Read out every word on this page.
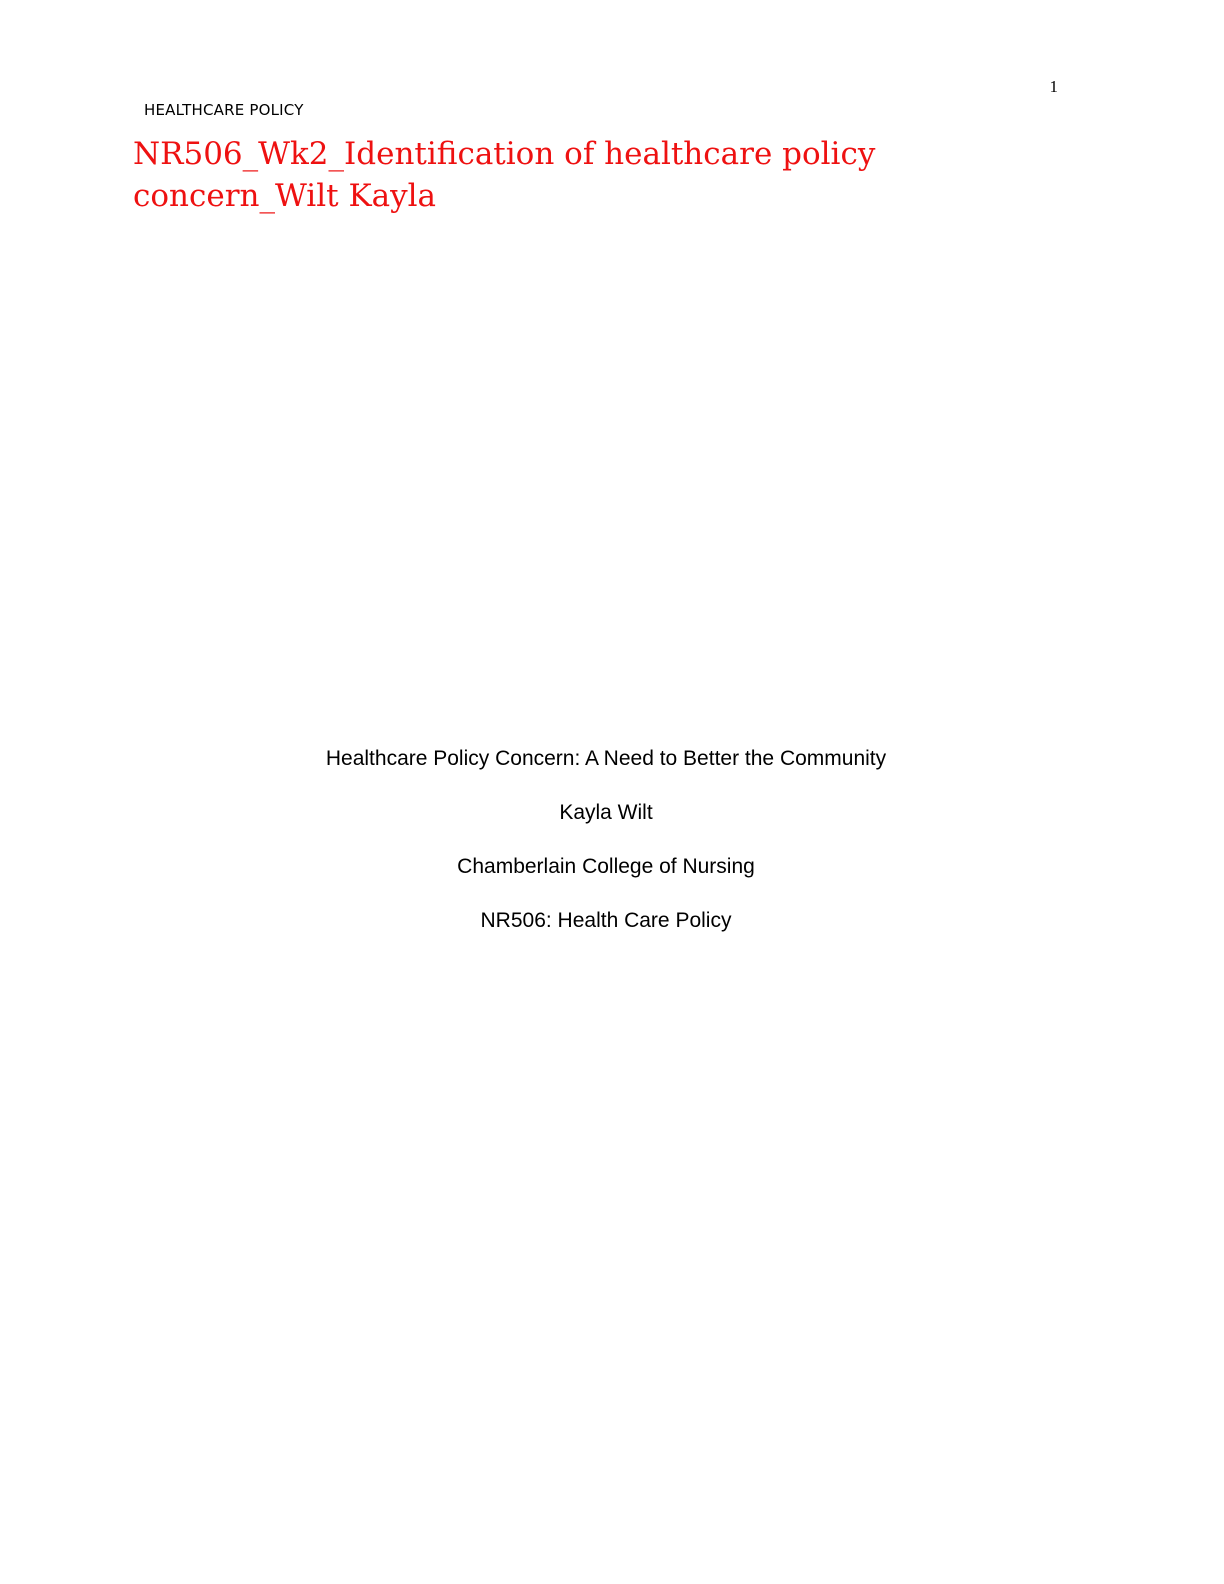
HEALTHCARE POLICY
1
NR506_Wk2_Identification of healthcare policy concern_Wilt Kayla
Healthcare Policy Concern: A Need to Better the Community
Kayla Wilt
Chamberlain College of Nursing
NR506: Health Care Policy
